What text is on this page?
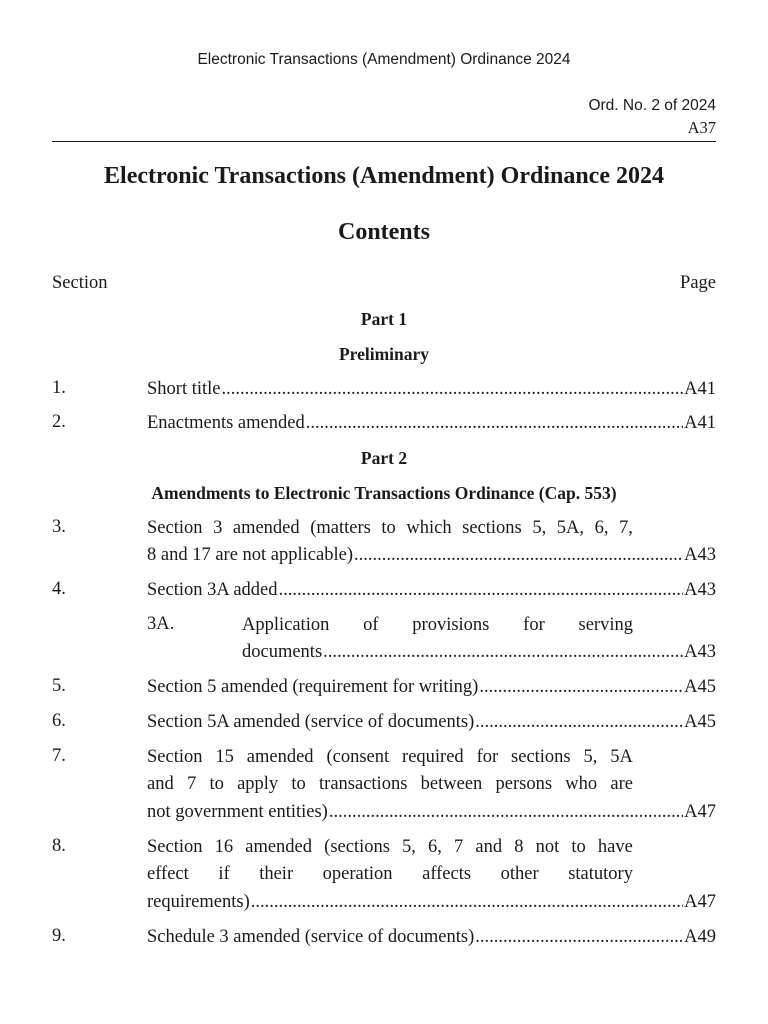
Electronic Transactions (Amendment) Ordinance 2024
Ord. No. 2 of 2024
A37
Electronic Transactions (Amendment) Ordinance 2024
Contents
Section	Page
Part 1
Preliminary
1.	Short title .....	A41
2.	Enactments amended .....	A41
Part 2
Amendments to Electronic Transactions Ordinance (Cap. 553)
3.	Section 3 amended (matters to which sections 5, 5A, 6, 7,
8 and 17 are not applicable) .....	A43
4.	Section 3A added .....	A43
3A.	Application of provisions for serving
documents .....	A43
5.	Section 5 amended (requirement for writing) .....	A45
6.	Section 5A amended (service of documents) .....	A45
7.	Section 15 amended (consent required for sections 5, 5A
and 7 to apply to transactions between persons who are
not government entities) .....	A47
8.	Section 16 amended (sections 5, 6, 7 and 8 not to have
effect if their operation affects other statutory
requirements) .....	A47
9.	Schedule 3 amended (service of documents) .....	A49
